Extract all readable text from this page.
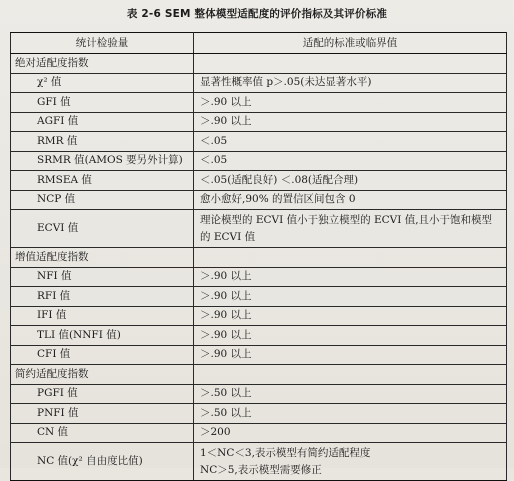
表 2-6 SEM 整体模型适配度的评价指标及其评价标准
统计检验量	适配的标准或临界值
绝对适配度指数	
χ² 值	显著性概率值 p＞.05(未达显著水平)
GFI 值	＞.90 以上
AGFI 值	＞.90 以上
RMR 值	＜.05
SRMR 值(AMOS 要另外计算)	＜.05
RMSEA 值	＜.05(适配良好) ＜.08(适配合理)
NCP 值	愈小愈好,90% 的置信区间包含 0
ECVI 值	理论模型的 ECVI 值小于独立模型的 ECVI 值,且小于饱和模型的 ECVI 值
增值适配度指数	
NFI 值	＞.90 以上
RFI 值	＞.90 以上
IFI 值	＞.90 以上
TLI 值(NNFI 值)	＞.90 以上
CFI 值	＞.90 以上
简约适配度指数	
PGFI 值	＞.50 以上
PNFI 值	＞.50 以上
CN 值	＞200
NC 值(χ² 自由度比值)	1＜NC＜3,表示模型有简约适配程度
NC＞5,表示模型需要修正
